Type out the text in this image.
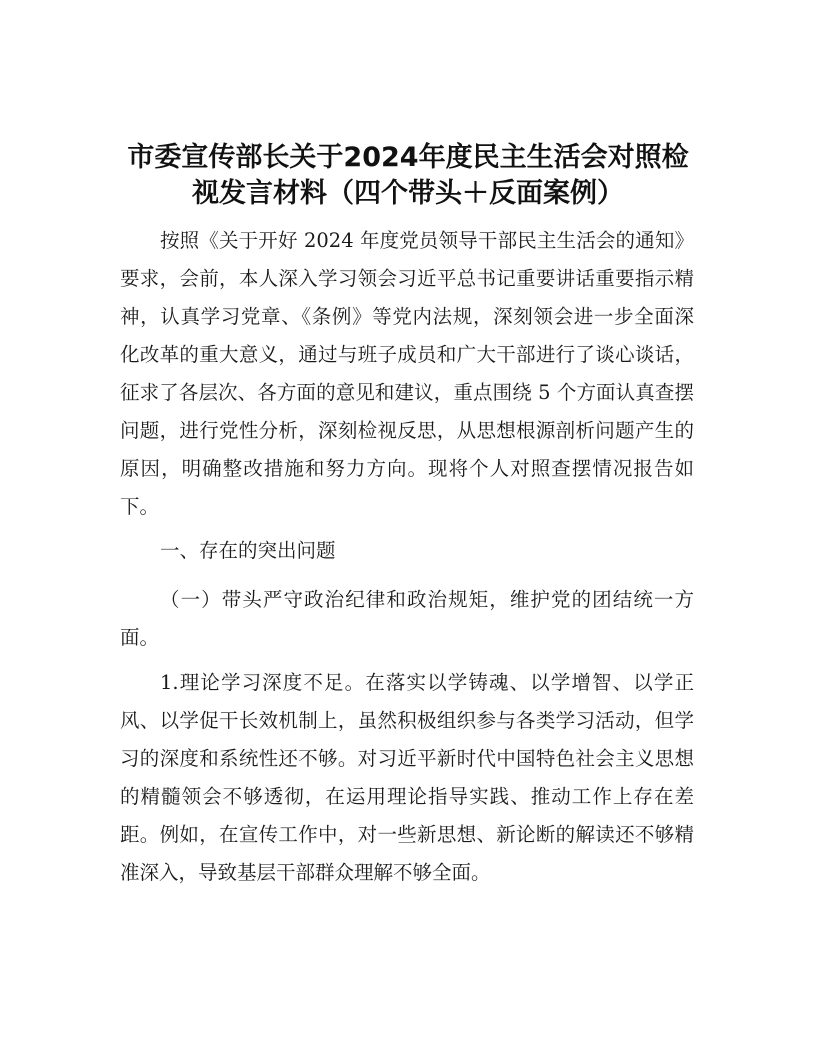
市委宣传部长关于2024年度民主生活会对照检
视发言材料（四个带头＋反面案例）

按照《关于开好 2024 年度党员领导干部民主生活会的通知》要求，会前，本人深入学习领会习近平总书记重要讲话重要指示精神，认真学习党章、《条例》等党内法规，深刻领会进一步全面深化改革的重大意义，通过与班子成员和广大干部进行了谈心谈话，征求了各层次、各方面的意见和建议，重点围绕 5 个方面认真查摆问题，进行党性分析，深刻检视反思，从思想根源剖析问题产生的原因，明确整改措施和努力方向。现将个人对照查摆情况报告如下。

一、存在的突出问题

（一）带头严守政治纪律和政治规矩，维护党的团结统一方面。

1.理论学习深度不足。在落实以学铸魂、以学增智、以学正风、以学促干长效机制上，虽然积极组织参与各类学习活动，但学习的深度和系统性还不够。对习近平新时代中国特色社会主义思想的精髓领会不够透彻，在运用理论指导实践、推动工作上存在差距。例如，在宣传工作中，对一些新思想、新论断的解读还不够精准深入，导致基层干部群众理解不够全面。
